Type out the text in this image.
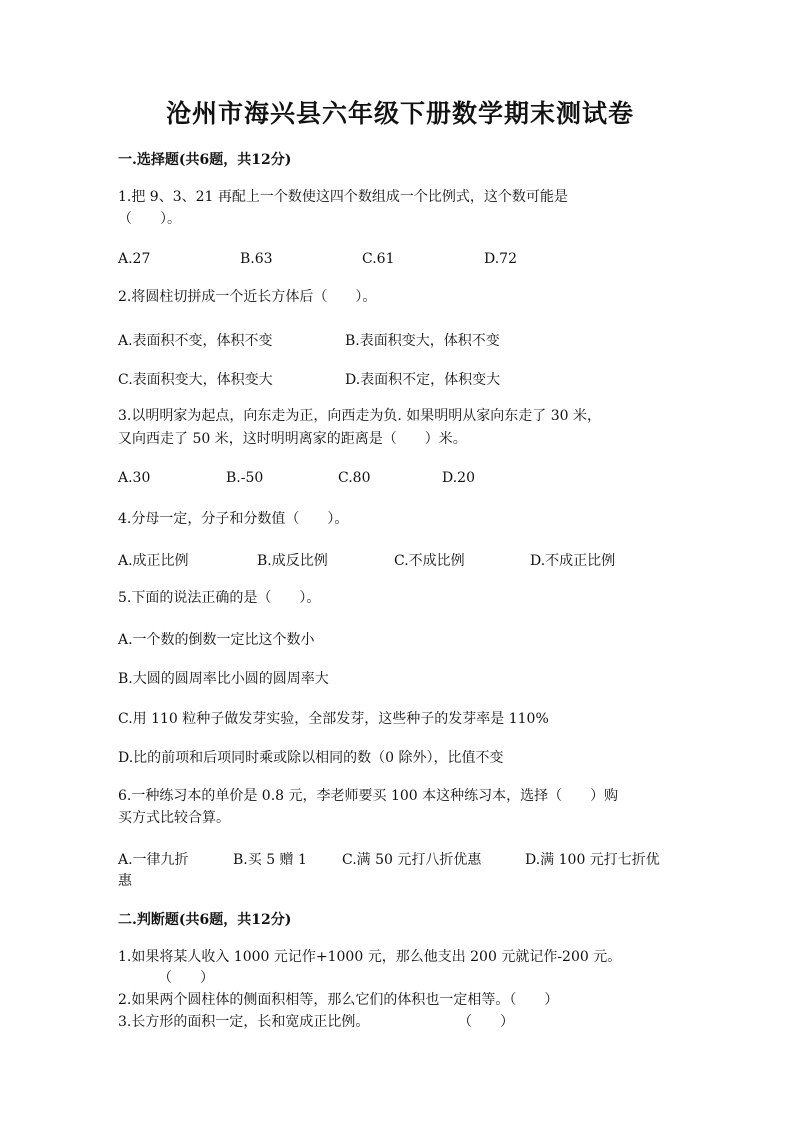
沧州市海兴县六年级下册数学期末测试卷
一.选择题(共6题，共12分)
1.把 9、3、21 再配上一个数使这四个数组成一个比例式，这个数可能是
（　　）。
A.27	B.63	C.61	D.72
2.将圆柱切拼成一个近长方体后（　　）。
A.表面积不变，体积不变	B.表面积变大，体积不变
C.表面积变大，体积变大	D.表面积不定，体积变大
3.以明明家为起点，向东走为正，向西走为负. 如果明明从家向东走了 30 米，
又向西走了 50 米，这时明明离家的距离是（　　）米。
A.30	B.-50	C.80	D.20
4.分母一定，分子和分数值（　　）。
A.成正比例	B.成反比例	C.不成比例	D.不成正比例
5.下面的说法正确的是（　　）。
A.一个数的倒数一定比这个数小
B.大圆的圆周率比小圆的圆周率大
C.用 110 粒种子做发芽实验，全部发芽，这些种子的发芽率是 110%
D.比的前项和后项同时乘或除以相同的数（0 除外），比值不变
6.一种练习本的单价是 0.8 元，李老师要买 100 本这种练习本，选择（　　）购
买方式比较合算。
A.一律九折	B.买 5 赠 1	C.满 50 元打八折优惠	D.满 100 元打七折优
惠
二.判断题(共6题，共12分)
1.如果将某人收入 1000 元记作+1000 元，那么他支出 200 元就记作-200 元。
（　　）
2.如果两个圆柱体的侧面积相等，那么它们的体积也一定相等。（　　）
3.长方形的面积一定，长和宽成正比例。	（　　）
